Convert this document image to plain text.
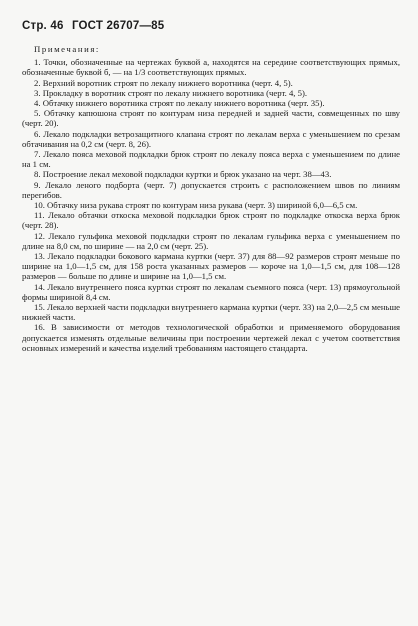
Стр. 46 ГОСТ 26707—85
Примечания:

1. Точки, обозначенные на чертежах буквой а, находятся на середине соответствующих прямых, обозначенные буквой б, — на 1/3 соответствующих прямых.

2. Верхний воротник строят по лекалу нижнего воротника (черт. 4, 5).

3. Прокладку в воротник строят по лекалу нижнего воротника (черт. 4, 5).

4. Обтачку нижнего воротника строят по лекалу нижнего воротника (черт. 35).

5. Обтачку капюшона строят по контурам низа передней и задней части, совмещенных по шву (черт. 20).

6. Лекало подкладки ветрозащитного клапана строят по лекалам верха с уменьшением по срезам обтачивания на 0,2 см (черт. 8, 26).

7. Лекало пояса меховой подкладки брюк строят по лекалу пояса верха с уменьшением по длине на 1 см.

8. Построение лекал меховой подкладки куртки и брюк указано на черт. 38—43.

9. Лекало леного подборта (черт. 7) допускается строить с расположением швов по линиям перегибов.

10. Обтачку низа рукава строят по контурам низа рукава (черт. 3) шириной 6,0—6,5 см.

11. Лекало обтачки откоска меховой подкладки брюк строят по подкладке откоска верха брюк (черт. 28).

12. Лекало гульфика меховой подкладки строят по лекалам гульфика верха с уменьшением по длине на 8,0 см, по ширине — на 2,0 см (черт. 25).

13. Лекало подкладки бокового кармана куртки (черт. 37) для 88—92 размеров строят меньше по ширине на 1,0—1,5 см, для 158 роста указанных размеров — короче на 1,0—1,5 см, для 108—128 размеров — больше по длине и ширине на 1,0—1,5 см.

14. Лекало внутреннего пояса куртки строят по лекалам съемного пояса (черт. 13) прямоугольной формы шириной 8,4 см.

15. Лекало верхней части подкладки внутреннего кармана куртки (черт. 33) на 2,0—2,5 см меньше нижней части.

16. В зависимости от методов технологической обработки и применяемого оборудования допускается изменять отдельные величины при построении чертежей лекал с учетом соответствия основных измерений и качества изделий требованиям настоящего стандарта.
